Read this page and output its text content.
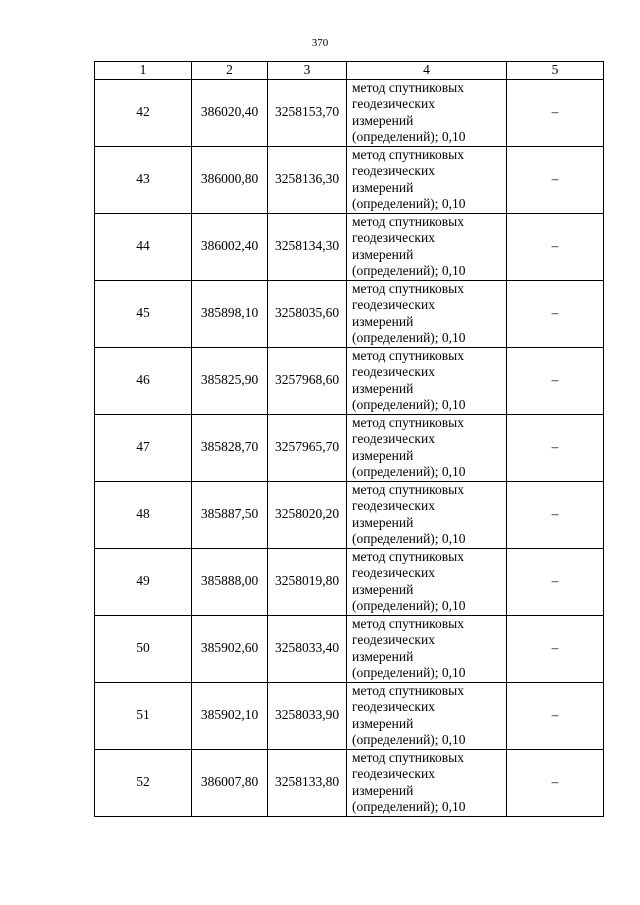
370
1	2	3	4	5
42	386020,40	3258153,70	метод спутниковых
геодезических
измерений
(определений); 0,10	–
43	386000,80	3258136,30	метод спутниковых
геодезических
измерений
(определений); 0,10	–
44	386002,40	3258134,30	метод спутниковых
геодезических
измерений
(определений); 0,10	–
45	385898,10	3258035,60	метод спутниковых
геодезических
измерений
(определений); 0,10	–
46	385825,90	3257968,60	метод спутниковых
геодезических
измерений
(определений); 0,10	–
47	385828,70	3257965,70	метод спутниковых
геодезических
измерений
(определений); 0,10	–
48	385887,50	3258020,20	метод спутниковых
геодезических
измерений
(определений); 0,10	–
49	385888,00	3258019,80	метод спутниковых
геодезических
измерений
(определений); 0,10	–
50	385902,60	3258033,40	метод спутниковых
геодезических
измерений
(определений); 0,10	–
51	385902,10	3258033,90	метод спутниковых
геодезических
измерений
(определений); 0,10	–
52	386007,80	3258133,80	метод спутниковых
геодезических
измерений
(определений); 0,10	–
